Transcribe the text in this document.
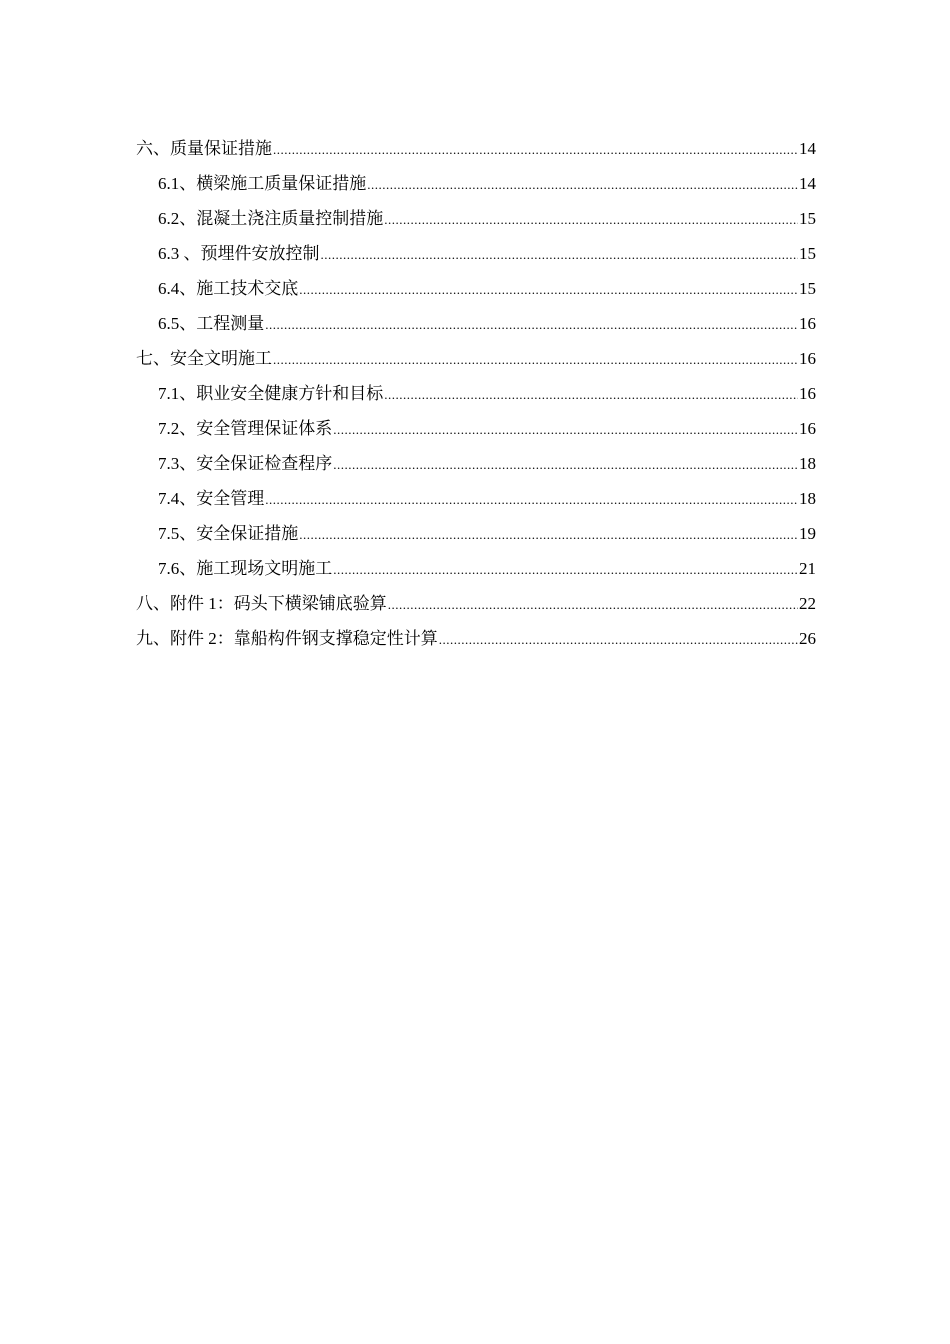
六、质量保证措施 .....	14
6.1、横梁施工质量保证措施 .....	14
6.2、混凝土浇注质量控制措施 .....	15
6.3 、预埋件安放控制 .....	15
6.4、施工技术交底 .....	15
6.5、工程测量 .....	16
七、安全文明施工 .....	16
7.1、职业安全健康方针和目标 .....	16
7.2、安全管理保证体系 .....	16
7.3、安全保证检查程序 .....	18
7.4、安全管理 .....	18
7.5、安全保证措施 .....	19
7.6、施工现场文明施工 .....	21
八、附件 1：码头下横梁铺底验算 .....	22
九、附件 2：靠船构件钢支撑稳定性计算 .....	26
